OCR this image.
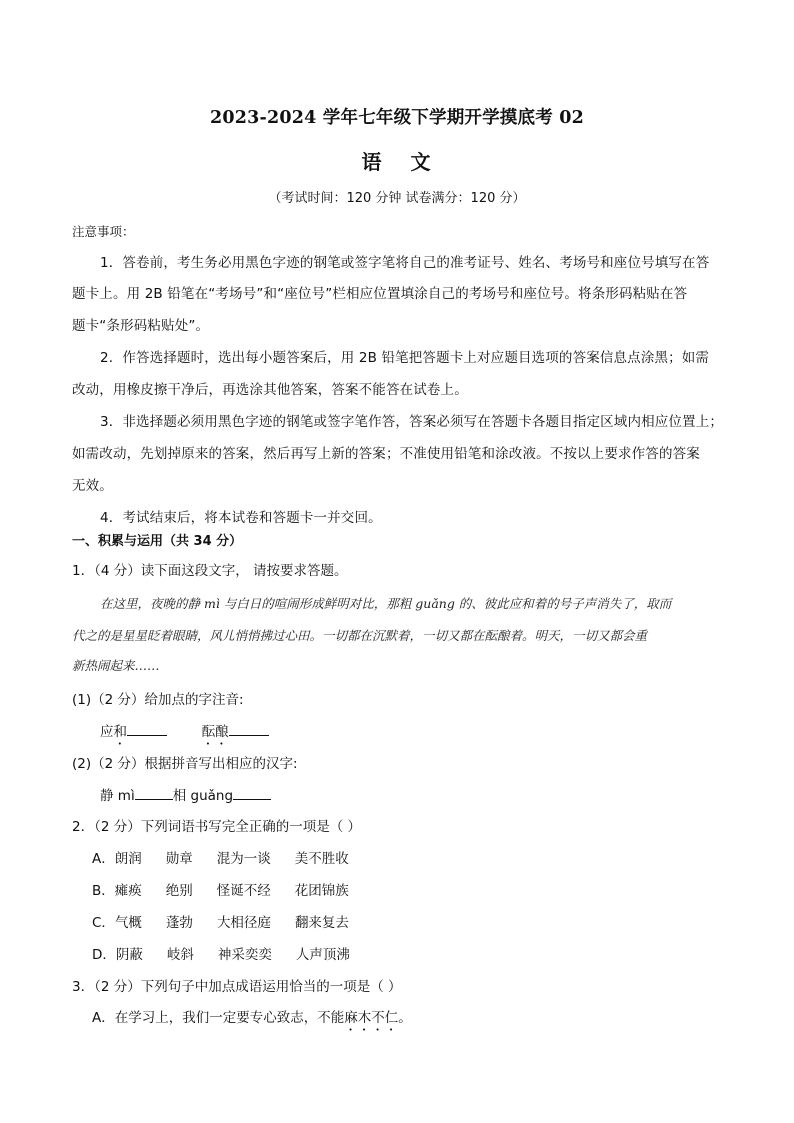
2023-2024 学年七年级下学期开学摸底考 02
语 文
（考试时间：120 分钟 试卷满分：120 分）
注意事项：
1．答卷前，考生务必用黑色字迹的钢笔或签字笔将自己的准考证号、姓名、考场号和座位号填写在答
题卡上。用 2B 铅笔在“考场号”和“座位号”栏相应位置填涂自己的考场号和座位号。将条形码粘贴在答
题卡“条形码粘贴处”。
2．作答选择题时，选出每小题答案后，用 2B 铅笔把答题卡上对应题目选项的答案信息点涂黑；如需
改动，用橡皮擦干净后，再选涂其他答案，答案不能答在试卷上。
3．非选择题必须用黑色字迹的钢笔或签字笔作答，答案必须写在答题卡各题目指定区域内相应位置上；
如需改动，先划掉原来的答案，然后再写上新的答案；不准使用铅笔和涂改液。不按以上要求作答的答案
无效。
4．考试结束后，将本试卷和答题卡一并交回。
一、积累与运用（共 34 分）
1．（4 分）读下面这段文字， 请按要求答题。
在这里，夜晚的静 mì 与白日的喧闹形成鲜明对比，那粗 guǎng 的、彼此应和着的号子声消失了，取而
代之的是星星眨着眼睛，风儿悄悄拂过心田。一切都在沉默着，一切又都在酝酿着。明天，一切又都会重
新热闹起来……
(1)（2 分）给加点的字注音:
应和	酝酿
(2)（2 分）根据拼音写出相应的汉字:
静 mì	相 guǎng
2．（2 分）下列词语书写完全正确的一项是（ ）
A．朗润 勋章 混为一谈 美不胜收
B．瘫痪 绝别 怪诞不经 花团锦族
C．气概 蓬勃 大相径庭 翻来复去
D．阴蔽 岐斜 神采奕奕 人声顶沸
3．（2 分）下列句子中加点成语运用恰当的一项是（ ）
A．在学习上，我们一定要专心致志，不能麻木不仁。
